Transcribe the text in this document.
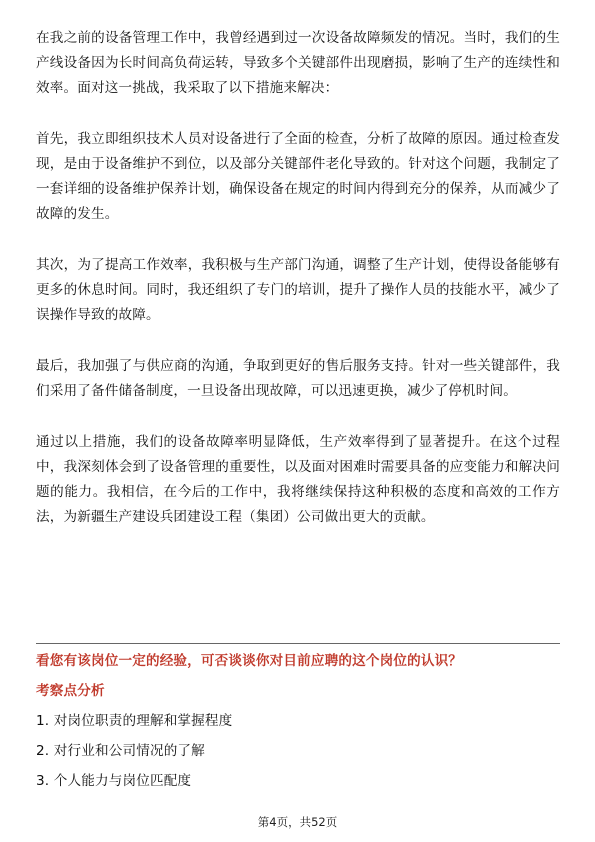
在我之前的设备管理工作中，我曾经遇到过一次设备故障频发的情况。当时，我们的生产线设备因为长时间高负荷运转，导致多个关键部件出现磨损，影响了生产的连续性和效率。面对这一挑战，我采取了以下措施来解决：

首先，我立即组织技术人员对设备进行了全面的检查，分析了故障的原因。通过检查发现，是由于设备维护不到位，以及部分关键部件老化导致的。针对这个问题，我制定了一套详细的设备维护保养计划，确保设备在规定的时间内得到充分的保养，从而减少了故障的发生。

其次，为了提高工作效率，我积极与生产部门沟通，调整了生产计划，使得设备能够有更多的休息时间。同时，我还组织了专门的培训，提升了操作人员的技能水平，减少了误操作导致的故障。

最后，我加强了与供应商的沟通，争取到更好的售后服务支持。针对一些关键部件，我们采用了备件储备制度，一旦设备出现故障，可以迅速更换，减少了停机时间。

通过以上措施，我们的设备故障率明显降低，生产效率得到了显著提升。在这个过程中，我深刻体会到了设备管理的重要性，以及面对困难时需要具备的应变能力和解决问题的能力。我相信，在今后的工作中，我将继续保持这种积极的态度和高效的工作方法，为新疆生产建设兵团建设工程（集团）公司做出更大的贡献。

看您有该岗位一定的经验，可否谈谈你对目前应聘的这个岗位的认识？

考察点分析

1. 对岗位职责的理解和掌握程度
2. 对行业和公司情况的了解
3. 个人能力与岗位匹配度
第4页，共52页
